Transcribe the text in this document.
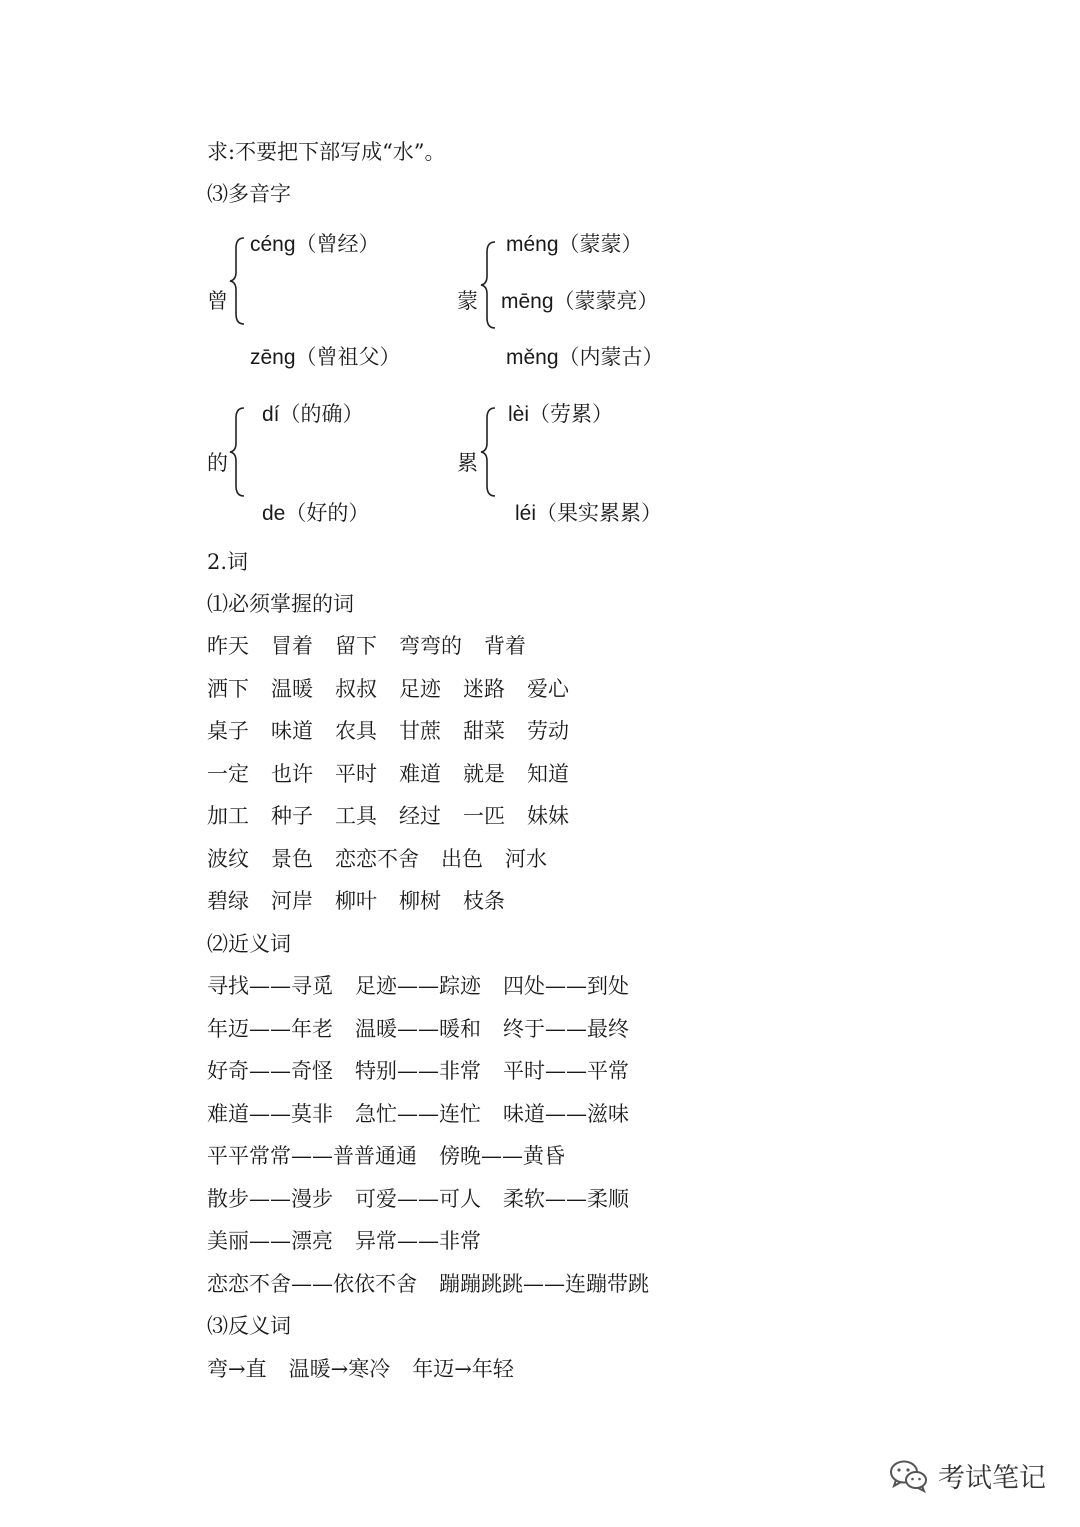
求:不要把下部写成“水”。
⑶多音字
曾
céng（曾经）
zēng（曾祖父）
蒙
méng（蒙蒙）
mēng（蒙蒙亮）
měng（内蒙古）
的
dí（的确）
de（好的）
累
lèi（劳累）
léi（果实累累）
2.词
⑴必须掌握的词
昨天 冒着 留下 弯弯的 背着
洒下 温暖 叔叔 足迹 迷路 爱心
桌子 味道 农具 甘蔗 甜菜 劳动
一定 也许 平时 难道 就是 知道
加工 种子 工具 经过 一匹 妹妹
波纹 景色 恋恋不舍 出色 河水
碧绿 河岸 柳叶 柳树 枝条
⑵近义词
寻找——寻觅 足迹——踪迹 四处——到处
年迈——年老 温暖——暖和 终于——最终
好奇——奇怪 特别——非常 平时——平常
难道——莫非 急忙——连忙 味道——滋味
平平常常——普普通通 傍晚——黄昏
散步——漫步 可爱——可人 柔软——柔顺
美丽——漂亮 异常——非常
恋恋不舍——依依不舍 蹦蹦跳跳——连蹦带跳
⑶反义词
弯→直 温暖→寒冷 年迈→年轻
考试笔记
